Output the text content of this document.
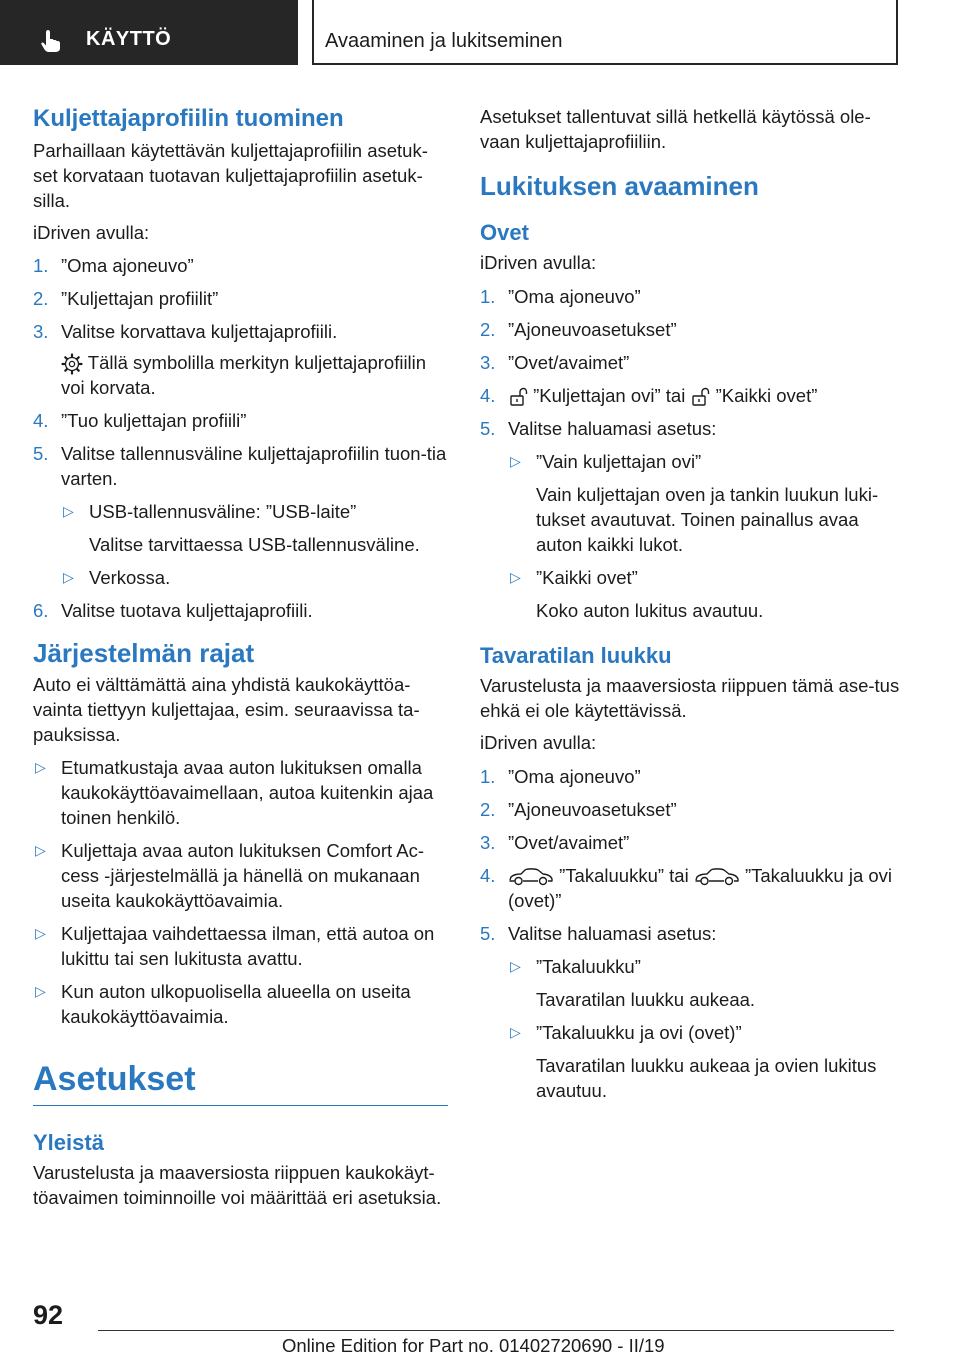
KÄYTTÖ	Avaaminen ja lukitseminen
Kuljettajaprofiilin tuominen

Parhaillaan käytettävän kuljettajaprofiilin asetuk-set korvataan tuotavan kuljettajaprofiilin asetuk-silla.

iDriven avulla:

1. ”Oma ajoneuvo”
2. ”Kuljettajan profiilit”
3. Valitse korvattava kuljettajaprofiili.
Tällä symbolilla merkityn kuljettajaprofiilin voi korvata.
4. ”Tuo kuljettajan profiili”
5. Valitse tallennusväline kuljettajaprofiilin tuon-tia varten.
▷ USB-tallennusväline: ”USB-laite”

Valitse tarvittaessa USB-tallennusväline.

▷ Verkossa.
6. Valitse tuotava kuljettajaprofiili.
Järjestelmän rajat

Auto ei välttämättä aina yhdistä kaukokäyttöa-vainta tiettyyn kuljettajaa, esim. seuraavissa ta-pauksissa.

▷ Etumatkustaja avaa auton lukituksen omalla kaukokäyttöavaimellaan, autoa kuitenkin ajaa toinen henkilö.
▷ Kuljettaja avaa auton lukituksen Comfort Ac-cess -järjestelmällä ja hänellä on mukanaan useita kaukokäyttöavaimia.
▷ Kuljettajaa vaihdettaessa ilman, että autoa on lukittu tai sen lukitusta avattu.
▷ Kun auton ulkopuolisella alueella on useita kaukokäyttöavaimia.
Asetukset
Yleistä

Varustelusta ja maaversiosta riippuen kaukokäyt-töavaimen toiminnoille voi määrittää eri asetuksia.

Asetukset tallentuvat sillä hetkellä käytössä ole-vaan kuljettajaprofiiliin.

Lukituksen avaaminen
Ovet

iDriven avulla:

1. ”Oma ajoneuvo”
2. ”Ajoneuvoasetukset”
3. ”Ovet/avaimet”
4. ”Kuljettajan ovi” tai  ”Kaikki ovet”
5. Valitse haluamasi asetus:
▷ ”Vain kuljettajan ovi”

Vain kuljettajan oven ja tankin luukun luki-tukset avautuvat. Toinen painallus avaa auton kaikki lukot.

▷ ”Kaikki ovet”

Koko auton lukitus avautuu.

Tavaratilan luukku

Varustelusta ja maaversiosta riippuen tämä ase-tus ehkä ei ole käytettävissä.

iDriven avulla:

1. ”Oma ajoneuvo”
2. ”Ajoneuvoasetukset”
3. ”Ovet/avaimet”
4.	”Takaluukku” tai  ”Takaluukku ja ovi (ovet)”
5. Valitse haluamasi asetus:
▷ ”Takaluukku”

Tavaratilan luukku aukeaa.

▷ ”Takaluukku ja ovi (ovet)”

Tavaratilan luukku aukeaa ja ovien lukitus avautuu.

92
Online Edition for Part no. 01402720690 - II/19
